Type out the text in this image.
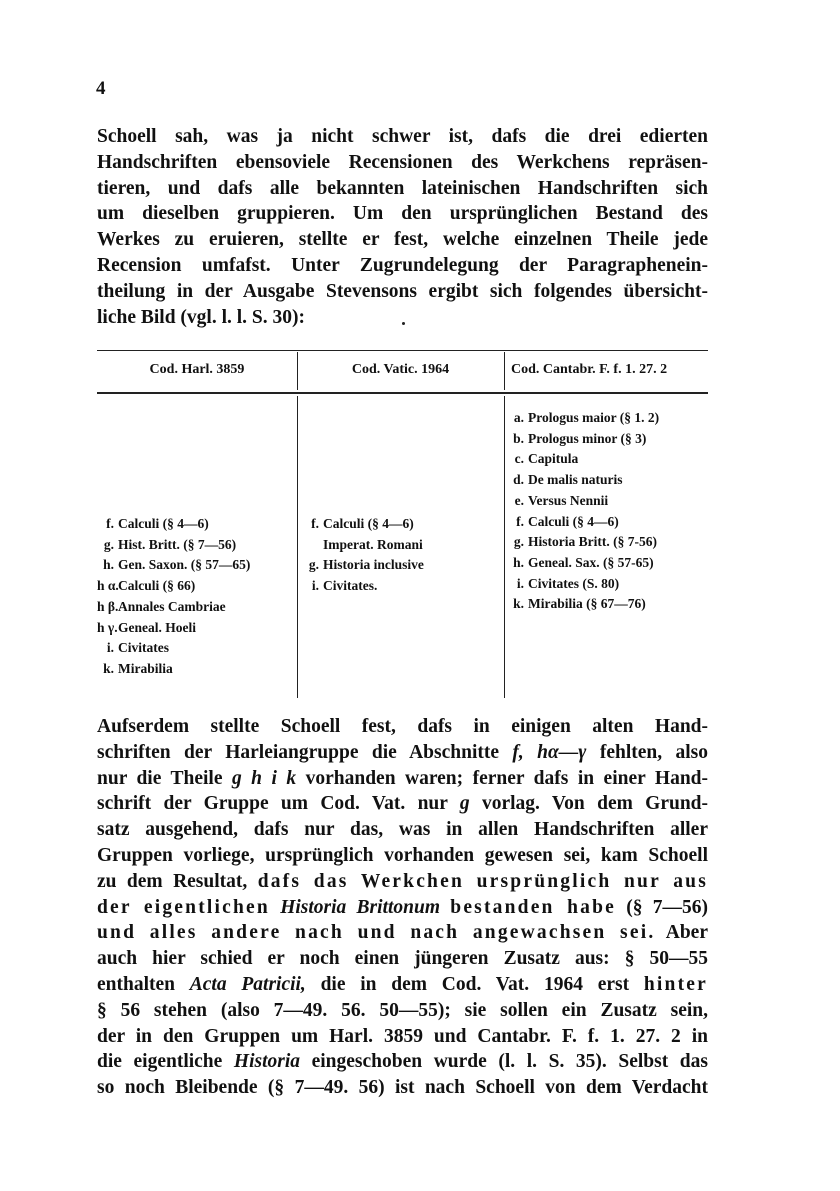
4
Schoell sah, was ja nicht schwer ist, dafs die drei edierten
Handschriften ebensoviele Recensionen des Werkchens repräsen-
tieren, und dafs alle bekannten lateinischen Handschriften sich
um dieselben gruppieren. Um den ursprünglichen Bestand des
Werkes zu eruieren, stellte er fest, welche einzelnen Theile jede
Recension umfafst. Unter Zugrundelegung der Paragraphenein-
theilung in der Ausgabe Stevensons ergibt sich folgendes übersicht-
liche Bild (vgl. l. l. S. 30):
Cod. Harl. 3859	Cod. Vatic. 1964	Cod. Cantabr. F. f. 1. 27. 2
f. Calculi (§ 4—6)
g. Hist. Britt. (§ 7—56)
h. Gen. Saxon. (§ 57—65)
h α. Calculi (§ 66)
h β. Annales Cambriae
h γ. Geneal. Hoeli
i. Civitates
k. Mirabilia
f. Calculi (§ 4—6)
Imperat. Romani
g. Historia inclusive
i. Civitates.
a. Prologus maior (§ 1. 2)
b. Prologus minor (§ 3)
c. Capitula
d. De malis naturis
e. Versus Nennii
f. Calculi (§ 4—6)
g. Historia Britt. (§ 7-56)
h. Geneal. Sax. (§ 57-65)
i. Civitates (S. 80)
k. Mirabilia (§ 67—76)
Aufserdem stellte Schoell fest, dafs in einigen alten Hand-
schriften der Harleiangruppe die Abschnitte f, hα—γ fehlten, also
nur die Theile g h i k vorhanden waren; ferner dafs in einer Hand-
schrift der Gruppe um Cod. Vat. nur g vorlag. Von dem Grund-
satz ausgehend, dafs nur das, was in allen Handschriften aller
Gruppen vorliege, ursprünglich vorhanden gewesen sei, kam Schoell
zu dem Resultat, dafs das Werkchen ursprünglich nur aus
der eigentlichen Historia Brittonum bestanden habe (§ 7—56)
und alles andere nach und nach angewachsen sei. Aber
auch hier schied er noch einen jüngeren Zusatz aus: § 50—55
enthalten Acta Patricii, die in dem Cod. Vat. 1964 erst hinter
§ 56 stehen (also 7—49. 56. 50—55); sie sollen ein Zusatz sein,
der in den Gruppen um Harl. 3859 und Cantabr. F. f. 1. 27. 2 in
die eigentliche Historia eingeschoben wurde (l. l. S. 35). Selbst das
so noch Bleibende (§ 7—49. 56) ist nach Schoell von dem Verdacht
